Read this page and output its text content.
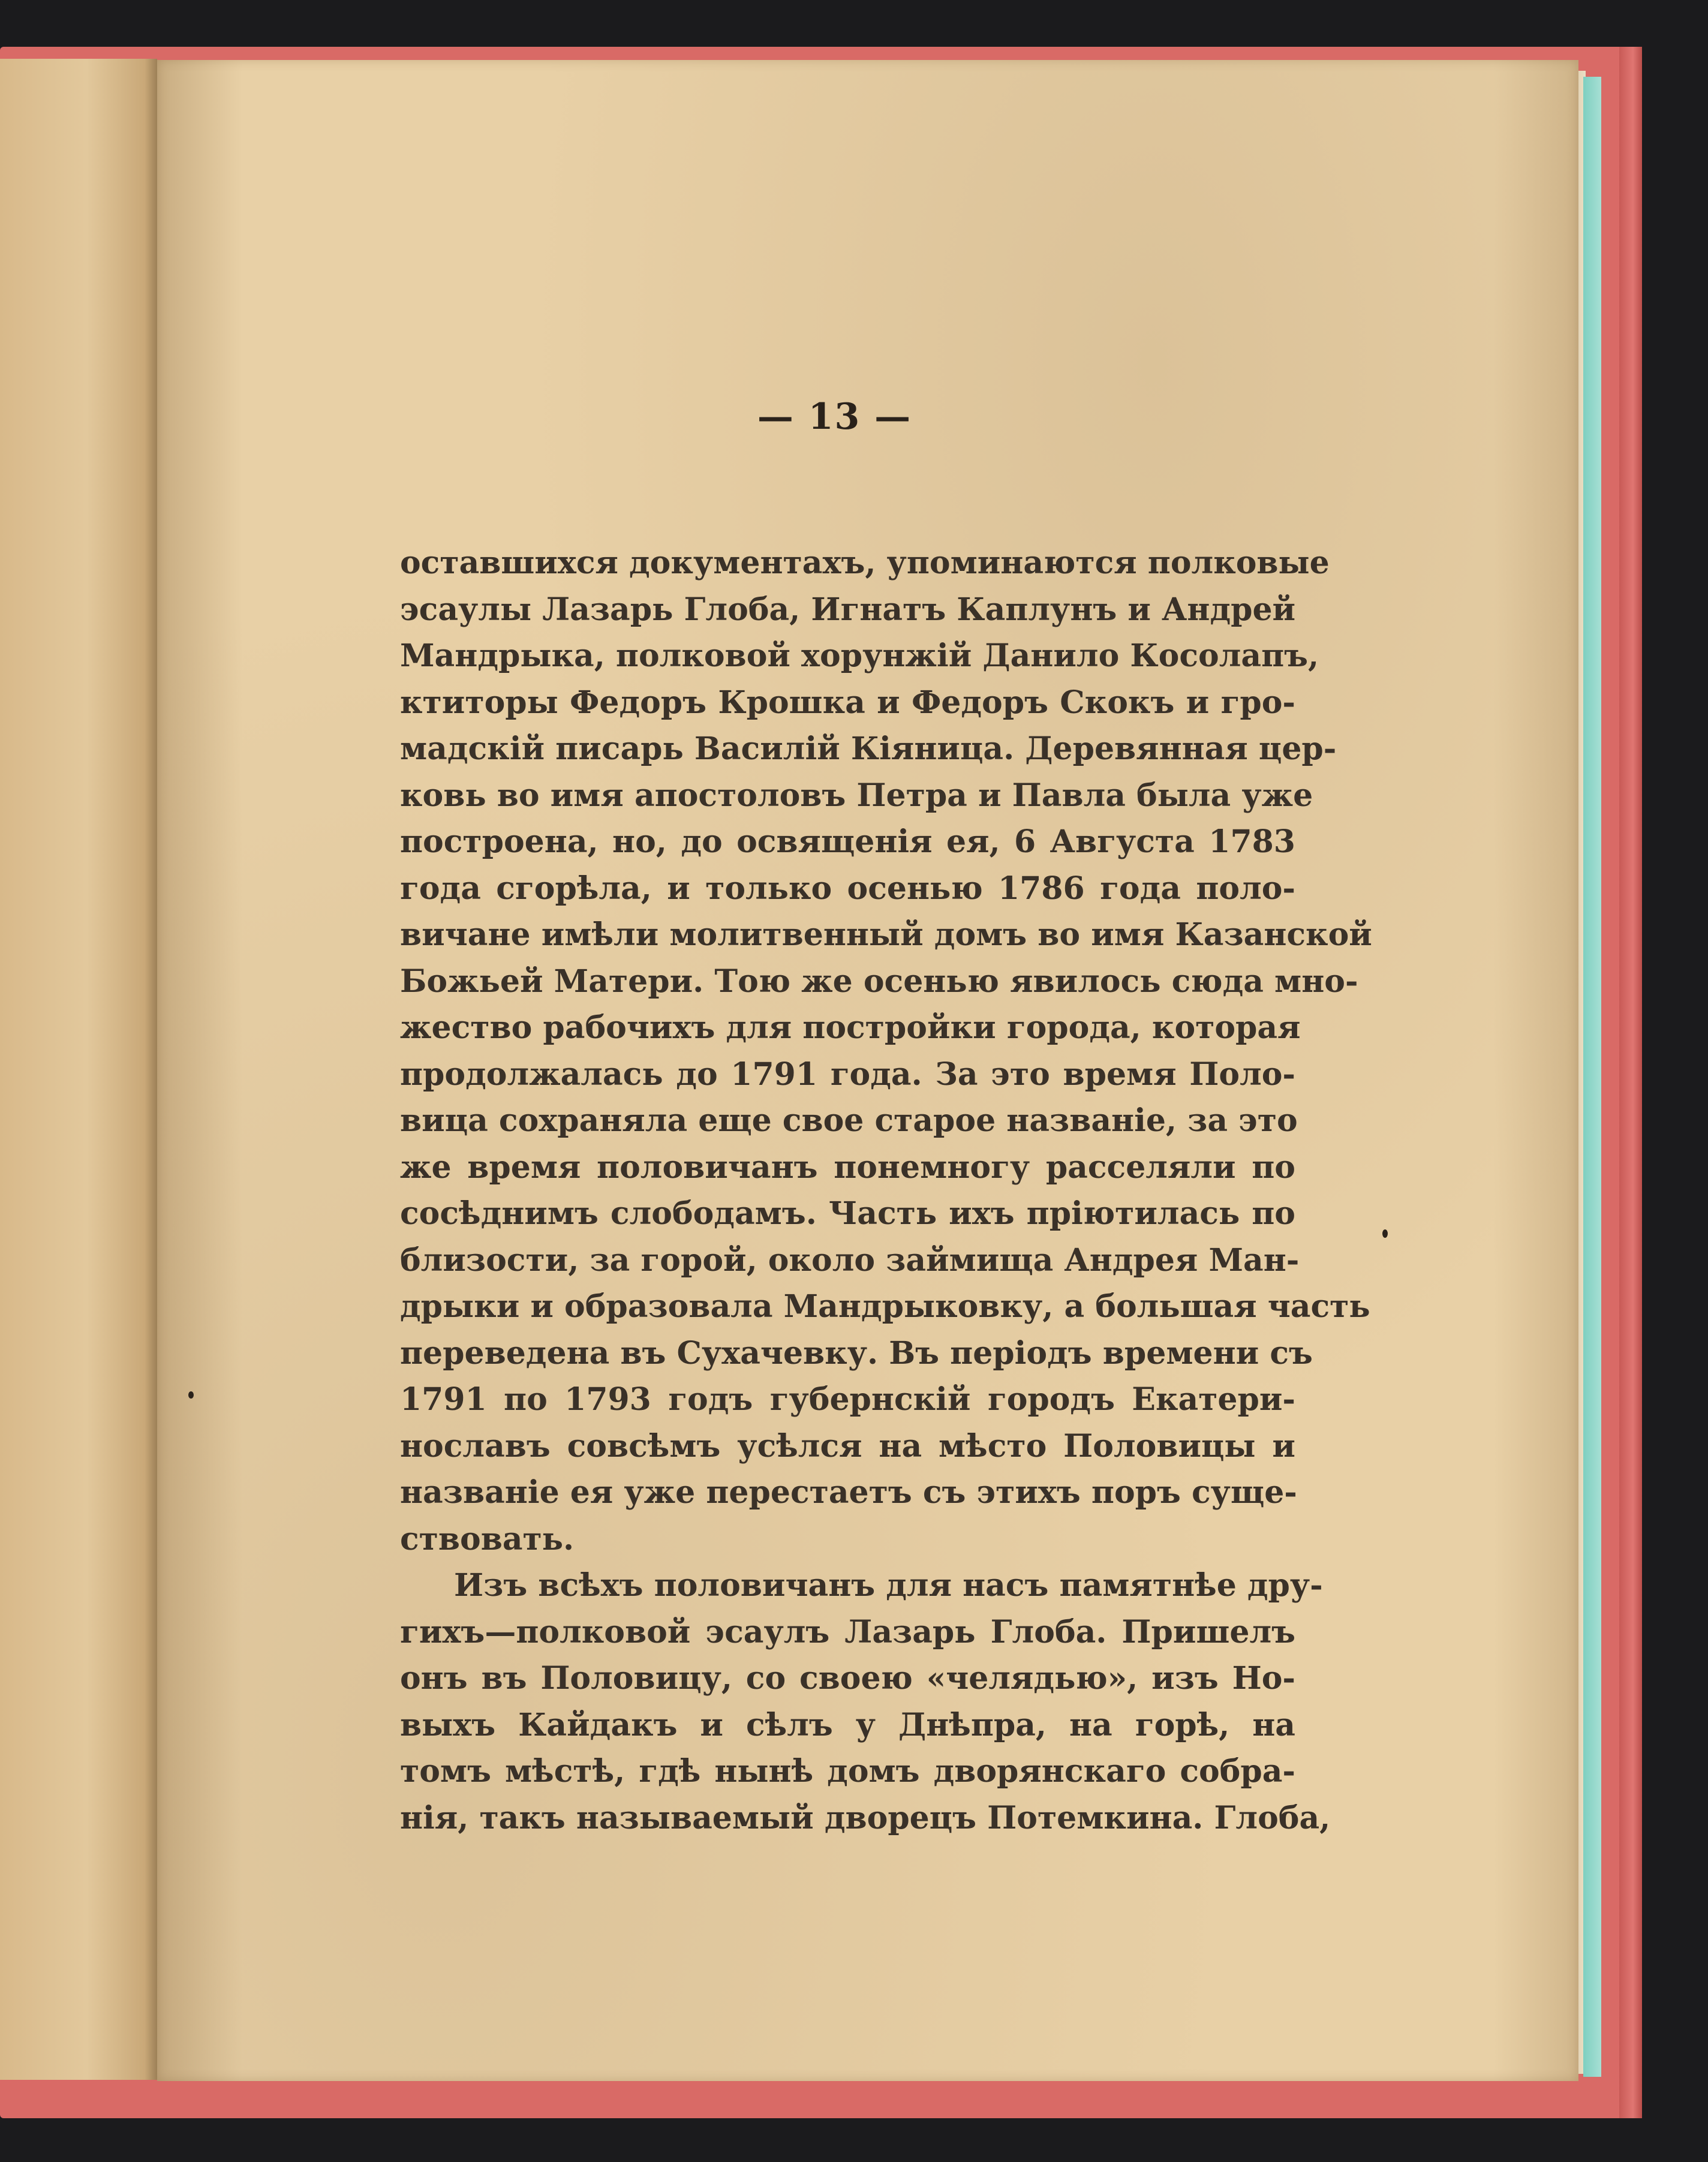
— 13 —
оставшихся документахъ, упоминаются полковые
эсаулы Лазарь Глоба, Игнатъ Каплунъ и Андрей
Мандрыка, полковой хорунжій Данило Косолапъ,
ктиторы Федоръ Крошка и Федоръ Скокъ и гро-
мадскій писарь Василій Кіяница. Деревянная цер-
ковь во имя апостоловъ Петра и Павла была уже
построена, но, до освященія ея, 6 Августа 1783
года сгорѣла, и только осенью 1786 года поло-
вичане имѣли молитвенный домъ во имя Казанской
Божьей Матери. Тою же осенью явилось сюда мно-
жество рабочихъ для постройки города, которая
продолжалась до 1791 года. За это время Поло-
вица сохраняла еще свое старое названіе, за это
же время половичанъ понемногу расселяли по
сосѣднимъ слободамъ. Часть ихъ пріютилась по
близости, за горой, около займища Андрея Ман-
дрыки и образовала Мандрыковку, а большая часть
переведена въ Сухачевку. Въ періодъ времени съ
1791 по 1793 годъ губернскій городъ Екатери-
нославъ совсѣмъ усѣлся на мѣсто Половицы и
названіе ея уже перестаетъ съ этихъ поръ суще-
ствовать.
Изъ всѣхъ половичанъ для насъ памятнѣе дру-
гихъ—полковой эсаулъ Лазарь Глоба. Пришелъ
онъ въ Половицу, со своею «челядью», изъ Но-
выхъ Кайдакъ и сѣлъ у Днѣпра, на горѣ, на
томъ мѣстѣ, гдѣ нынѣ домъ дворянскаго собра-
нія, такъ называемый дворецъ Потемкина. Глоба,
